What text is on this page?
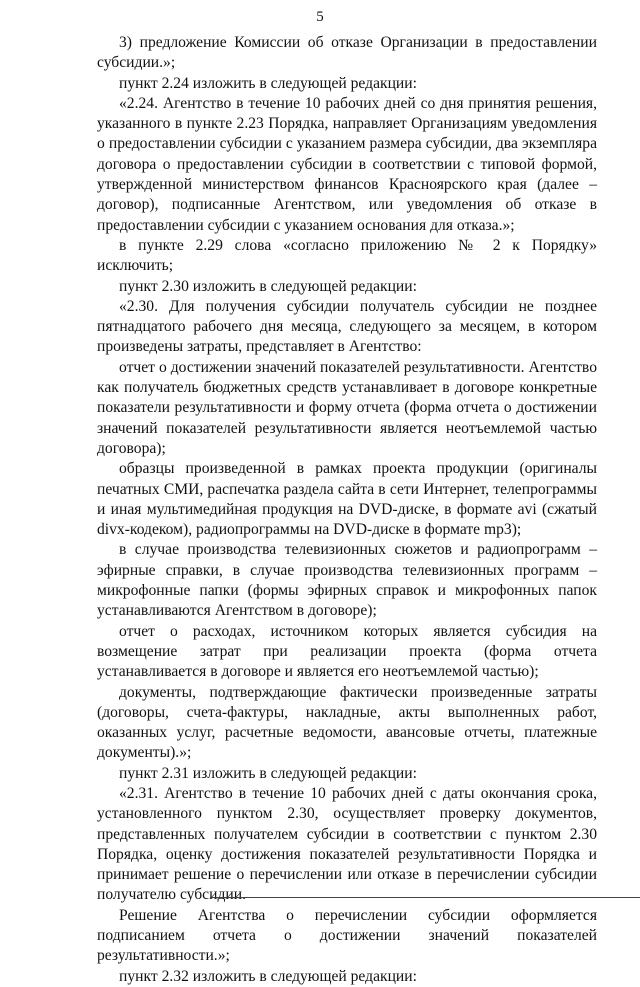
5

3) предложение Комиссии об отказе Организации в предоставлении субсидии.»;

пункт 2.24 изложить в следующей редакции:

«2.24. Агентство в течение 10 рабочих дней со дня принятия решения, указанного в пункте 2.23 Порядка, направляет Организациям уведомления о предоставлении субсидии с указанием размера субсидии, два экземпляра договора о предоставлении субсидии в соответствии с типовой формой, утвержденной министерством финансов Красноярского края (далее – договор), подписанные Агентством, или уведомления об отказе в предоставлении субсидии с указанием основания для отказа.»;

в пункте 2.29 слова «согласно приложению № 2 к Порядку» исключить;

пункт 2.30 изложить в следующей редакции:

«2.30. Для получения субсидии получатель субсидии не позднее пятнадцатого рабочего дня месяца, следующего за месяцем, в котором произведены затраты, представляет в Агентство:

отчет о достижении значений показателей результативности. Агентство как получатель бюджетных средств устанавливает в договоре конкретные показатели результативности и форму отчета (форма отчета о достижении значений показателей результативности является неотъемлемой частью договора);

образцы произведенной в рамках проекта продукции (оригиналы печатных СМИ, распечатка раздела сайта в сети Интернет, телепрограммы и иная мультимедийная продукция на DVD-диске, в формате avi (сжатый divx-кодеком), радиопрограммы на DVD-диске в формате mp3);

в случае производства телевизионных сюжетов и радиопрограмм – эфирные справки, в случае производства телевизионных программ – микрофонные папки (формы эфирных справок и микрофонных папок устанавливаются Агентством в договоре);

отчет о расходах, источником которых является субсидия на возмещение затрат при реализации проекта (форма отчета устанавливается в договоре и является его неотъемлемой частью);

документы, подтверждающие фактически произведенные затраты (договоры, счета-фактуры, накладные, акты выполненных работ, оказанных услуг, расчетные ведомости, авансовые отчеты, платежные документы).»;

пункт 2.31 изложить в следующей редакции:

«2.31. Агентство в течение 10 рабочих дней с даты окончания срока, установленного пунктом 2.30, осуществляет проверку документов, представленных получателем субсидии в соответствии с пунктом 2.30 Порядка, оценку достижения показателей результативности Порядка и принимает решение о перечислении или отказе в перечислении субсидии получателю субсидии.

Решение Агентства о перечислении субсидии оформляется подписанием отчета о достижении значений показателей результативности.»;

пункт 2.32 изложить в следующей редакции:
